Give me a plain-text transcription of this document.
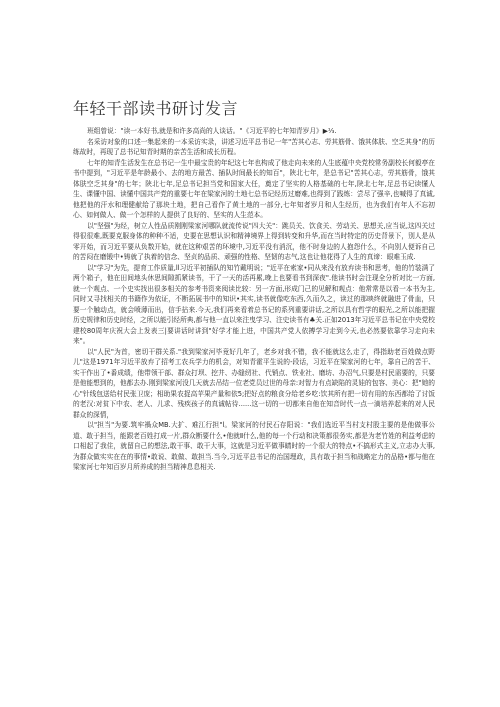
年轻干部读书研讨发言

班组曾说："读一本好书,就是和许多高尚的人谈话。"《习近平的七年知青岁月》▶⅓.

名采访对象的口述一集起来的一本采访实录，讲述习近平总书记一年"苦其心志、劳其筋骨、饿其体肤、空乏其身"的历练故时，再现了总书记知青时期的亲苦生活和成长历程。

七年的知青生活发生在总书记一生中最宝贵的年纪这七年也构成了他走向未来的人生底蕴中央党校常务副校长何毅亭在书中提到，"习近平是年龄最小、去的地方最苦、插队时间最长的知百"，陕北七年，是总书记"苦其心志，劳其筋骨，饿其体肤空乏其身"的七年；陕北七年,足总书记担当党和国家大任，奠定了坚实的人格基础的七年,陕北七年,足总书记读懂人生、课懂中国、读懂中国共产党的重要七年在梁家河的土地七总书记经历过磨难,也得到了践炼：尝尽了强辛,也喊得了真诚,他把他的汗水和理健献给了那块土地，把自己看作了黄土地的一部分,七年知者岁月和人生经历，也为我们有年人不忘初心、如何做人、做一个怎样的人提供了良好的、坚实的人生范本。

以"坚强"为经，树立人性品质刚刚梁家河哪队就流传说"四大关"：跳员关、饮食关、劳动关、思想关,应当说,这四关过得很很难,既要克服身体的种种不适，史要在思想认识和精神境界上得到转变和升华,而在当时特定的历史背景下，别人是从零开始，而习近平要从负数开始，就在这种艰苦的环境中,习近平没有消沉，他不时身边的人抱怨什么，不向别人便诉自己的苦闷在磨锻中•铸就了执着的信念、坚贞的品质、顽强的性格、坚韧的志气,这也让他花得了人生的真谛：眼难玉成.

以"学习"为先，提育工作质量,ll习近平初插队的知竹戴明说；"近平在索家•同从来没有放弃读书和思考，他的竹装满了两个箱子，他在田间地头休思间隙抓紧读书，干了一天的活再累,晚上也要看书到深夜".他读书时会注现全分析对比一方面,就一个观点、一个史实找出很多相关的参考书资来阅读比较：另一方面,形成门己的见解和观点：他常常是以看一本书为主,同时又寻找相关的书籍作为依证，不断拓展书中的知识•其实,读书就像吃东西,久而久之，读过的那映终就融进了骨血，只要一个触动点，就会喷薄而出，信手拈来.今天,我们再来看着总书记的系列重要讲话,之所以具有哲学的眼光,之所以能把握历史规律和历史时经，之所以能引经所典,都与他一直以来注曳学习、注史读书有♣关.正如2013年习近平总书记在中央党校建校80周年庆祝大会上发表三|要讲话时讲到"好学才能上进，中国共产党人依搏学习走到今天,也必然要依靠学习走向未来"。

以"人民"为首，密切干群关系."我到梁家河毕竟好几年了，老乡对我不错，我不能就这么走了，得指助老百姓做点野儿"这是1971年习近平放弃了招考工农兵学力的机会，对知青霍平生说的-段话，习近平在梁家河的七年，靠自己的苦干、实干作出了•番成绩，他带领干部、群众打坝、挖井、办缝纫社、代销点、铁业社、磨坊、办沼气,只要是村民需要的，只要是他能想到的，他都去办.刚到梁家河没几天就去吊结一位老党员过世的母亲:对智力有点缺陷的灵娃的包容、美心：把"她的心"针线包送给村民张卫庞；相助果农捉高苹果产量和依5;把好点的粮食分给老乡吃:饮其所有把一切有用的东西都给了讨饭的老汉:对贫下中农、老人、儿求、残疾孩子的真诚帖待......这一切的一切都来自他在知音时代一点一滴培养起来的对人民群众的深情，

以"担当"为要.筑牢禍众MB.大扩、难江行担"l。梁家河的付民石存阳说："我们选近平当村支村股主要的是他做事公道、敢于担当，能跟老百姓打成一片,群众断要什么•他就Ⅱ什么,他的每一个行动和决策都很务实,都是为老竹姓的利益考虑的口相起了我住，就留自己的想法,敢干事、敢干大事，这就是习近平做事睛时的一个很大的特点•不搞形式主义,立志办大事,为群众做实实在在的事情•敢说、敢做、敢担当.当今,习近平总书记的治国理政，具有敢于担当和战略定力的品格•都与他在梁家河七年知百岁月所养成的担当精神息息相关.
